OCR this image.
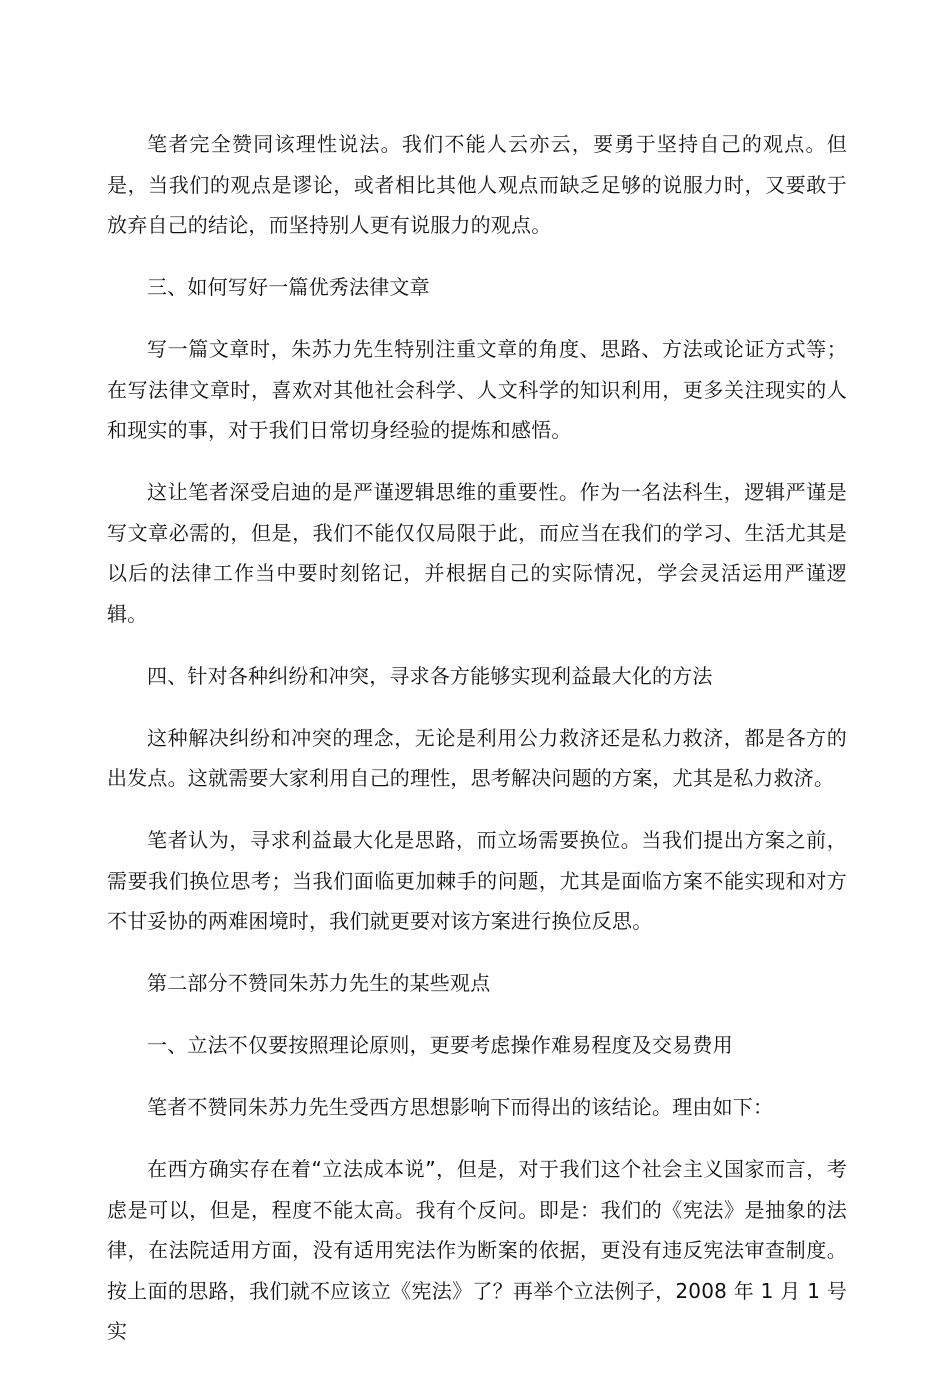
笔者完全赞同该理性说法。我们不能人云亦云，要勇于坚持自己的观点。但是，当我们的观点是谬论，或者相比其他人观点而缺乏足够的说服力时，又要敢于放弃自己的结论，而坚持别人更有说服力的观点。

三、如何写好一篇优秀法律文章

写一篇文章时，朱苏力先生特别注重文章的角度、思路、方法或论证方式等；在写法律文章时，喜欢对其他社会科学、人文科学的知识利用，更多关注现实的人和现实的事，对于我们日常切身经验的提炼和感悟。

这让笔者深受启迪的是严谨逻辑思维的重要性。作为一名法科生，逻辑严谨是写文章必需的，但是，我们不能仅仅局限于此，而应当在我们的学习、生活尤其是以后的法律工作当中要时刻铭记，并根据自己的实际情况，学会灵活运用严谨逻辑。

四、针对各种纠纷和冲突，寻求各方能够实现利益最大化的方法

这种解决纠纷和冲突的理念，无论是利用公力救济还是私力救济，都是各方的出发点。这就需要大家利用自己的理性，思考解决问题的方案，尤其是私力救济。

笔者认为，寻求利益最大化是思路，而立场需要换位。当我们提出方案之前，需要我们换位思考；当我们面临更加棘手的问题，尤其是面临方案不能实现和对方不甘妥协的两难困境时，我们就更要对该方案进行换位反思。

第二部分不赞同朱苏力先生的某些观点

一、立法不仅要按照理论原则，更要考虑操作难易程度及交易费用

笔者不赞同朱苏力先生受西方思想影响下而得出的该结论。理由如下：

在西方确实存在着“立法成本说”，但是，对于我们这个社会主义国家而言，考虑是可以，但是，程度不能太高。我有个反问。即是：我们的《宪法》是抽象的法律，在法院适用方面，没有适用宪法作为断案的依据，更没有违反宪法审查制度。按上面的思路，我们就不应该立《宪法》了？再举个立法例子，2008 年 1 月 1 号实
